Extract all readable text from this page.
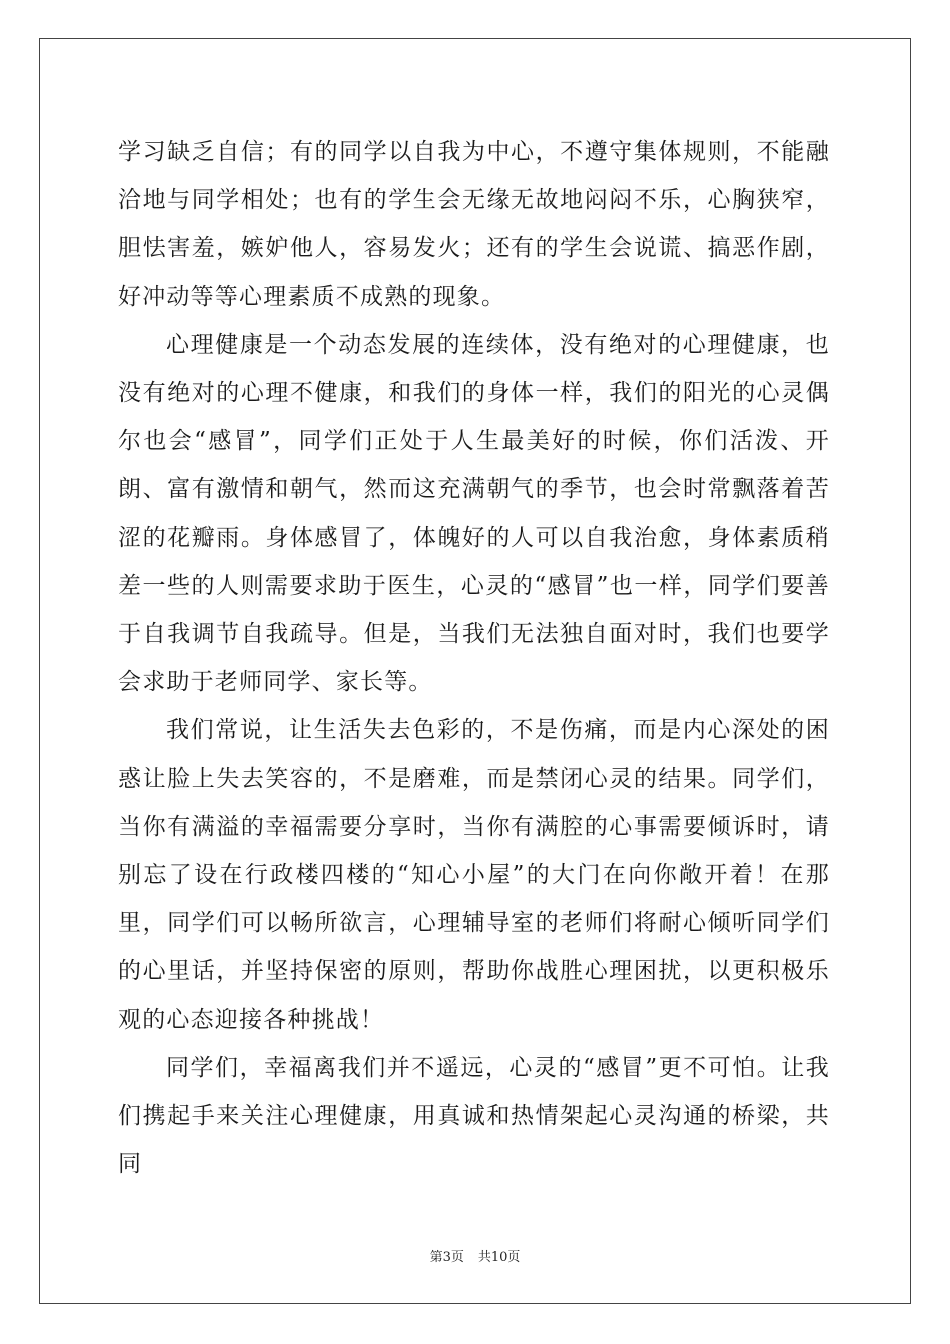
学习缺乏自信；有的同学以自我为中心，不遵守集体规则，不能融洽地与同学相处；也有的学生会无缘无故地闷闷不乐，心胸狭窄，胆怯害羞，嫉妒他人，容易发火；还有的学生会说谎、搞恶作剧，好冲动等等心理素质不成熟的现象。

心理健康是一个动态发展的连续体，没有绝对的心理健康，也没有绝对的心理不健康，和我们的身体一样，我们的阳光的心灵偶尔也会“感冒”，同学们正处于人生最美好的时候，你们活泼、开朗、富有激情和朝气，然而这充满朝气的季节，也会时常飘落着苦涩的花瓣雨。身体感冒了，体魄好的人可以自我治愈，身体素质稍差一些的人则需要求助于医生，心灵的“感冒”也一样，同学们要善于自我调节自我疏导。但是，当我们无法独自面对时，我们也要学会求助于老师同学、家长等。

我们常说，让生活失去色彩的，不是伤痛，而是内心深处的困惑让脸上失去笑容的，不是磨难，而是禁闭心灵的结果。同学们，当你有满溢的幸福需要分享时，当你有满腔的心事需要倾诉时，请别忘了设在行政楼四楼的“知心小屋”的大门在向你敞开着！在那里，同学们可以畅所欲言，心理辅导室的老师们将耐心倾听同学们的心里话，并坚持保密的原则，帮助你战胜心理困扰，以更积极乐观的心态迎接各种挑战！

同学们，幸福离我们并不遥远，心灵的“感冒”更不可怕。让我们携起手来关注心理健康，用真诚和热情架起心灵沟通的桥梁，共同

第3页 共10页
